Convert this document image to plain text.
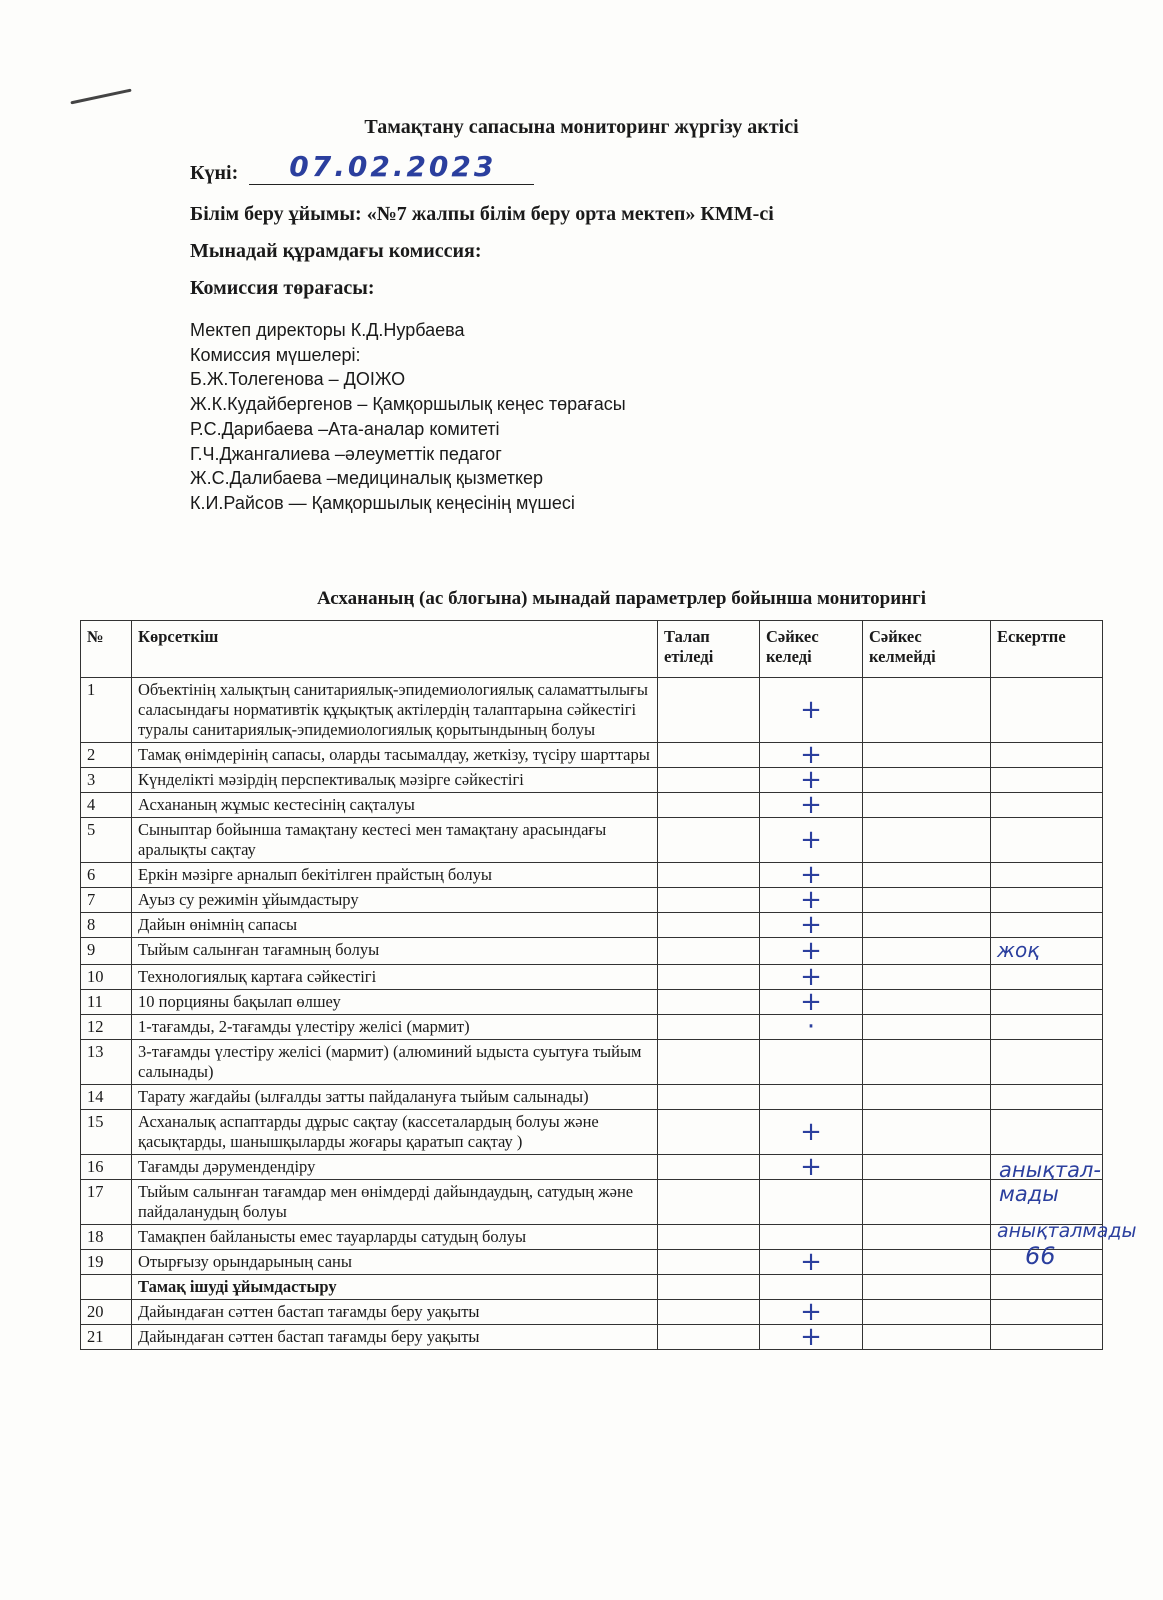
Тамақтану сапасына мониторинг жүргізу актісі

Күні: 07.02.2023

Білім беру ұйымы: «№7 жалпы білім беру орта мектеп» КММ-сі

Мынадай құрамдағы комиссия:

Комиссия төрағасы:

Мектеп директоры К.Д.Нурбаева
Комиссия мүшелері:
Б.Ж.Толегенова – ДОІЖО
Ж.К.Кудайбергенов – Қамқоршылық кеңес төрағасы
Р.С.Дарибаева –Ата-аналар комитеті
Г.Ч.Джангалиева –әлеуметтік педагог
Ж.С.Далибаева –медициналық қызметкер
К.И.Райсов — Қамқоршылық кеңесінің мүшесі

Асхананың (ас блогына) мынадай параметрлер бойынша мониторингі

№	Көрсеткіш	Талап етіледі	Сәйкес келеді	Сәйкес келмейді	Ескертпе
1	Объектінің халықтың санитариялық-эпидемиологиялық саламаттылығы саласындағы нормативтік құқықтық актілердің талаптарына сәйкестігі туралы санитариялық-эпидемиологиялық қорытындының болуы		+		
2	Тамақ өнімдерінің сапасы, оларды тасымалдау, жеткізу, түсіру шарттары		+		
3	Күнделікті мәзірдің перспективалық мәзірге сәйкестігі		+		
4	Асхананың жұмыс кестесінің сақталуы		+		
5	Сыныптар бойынша тамақтану кестесі мен тамақтану арасындағы аралықты сақтау		+		
6	Еркін мәзірге арналып бекітілген прайстың болуы		+		
7	Ауыз су режимін ұйымдастыру		+		
8	Дайын өнімнің сапасы		+		
9	Тыйым салынған тағамның болуы		+		жоқ
10	Технологиялық картаға сәйкестігі		+		
11	10 порцияны бақылап өлшеу		+		
12	1-тағамды, 2-тағамды үлестіру желісі (мармит)		·		
13	3-тағамды үлестіру желісі (мармит) (алюминий ыдыста суытуға тыйым салынады)				
14	Тарату жағдайы (ылғалды затты пайдалануға тыйым салынады)				
15	Асханалық аспаптарды дұрыс сақтау (кассеталардың болуы және қасықтарды, шанышқыларды жоғары қаратып сақтау )		+		
16	Тағамды дәрумендендіру		+		
17	Тыйым салынған тағамдар мен өнімдерді дайындаудың, сатудың және пайдаланудың болуы				анықтал-мады

18	Тамақпен байланысты емес тауарларды сатудың болуы				анықталмады

19	Отырғызу орындарының саны		+		66

	Тамақ ішуді ұйымдастыру				
20	Дайындаған сәттен бастап тағамды беру уақыты		+		
21	Дайындаған сәттен бастап тағамды беру уақыты		+		
